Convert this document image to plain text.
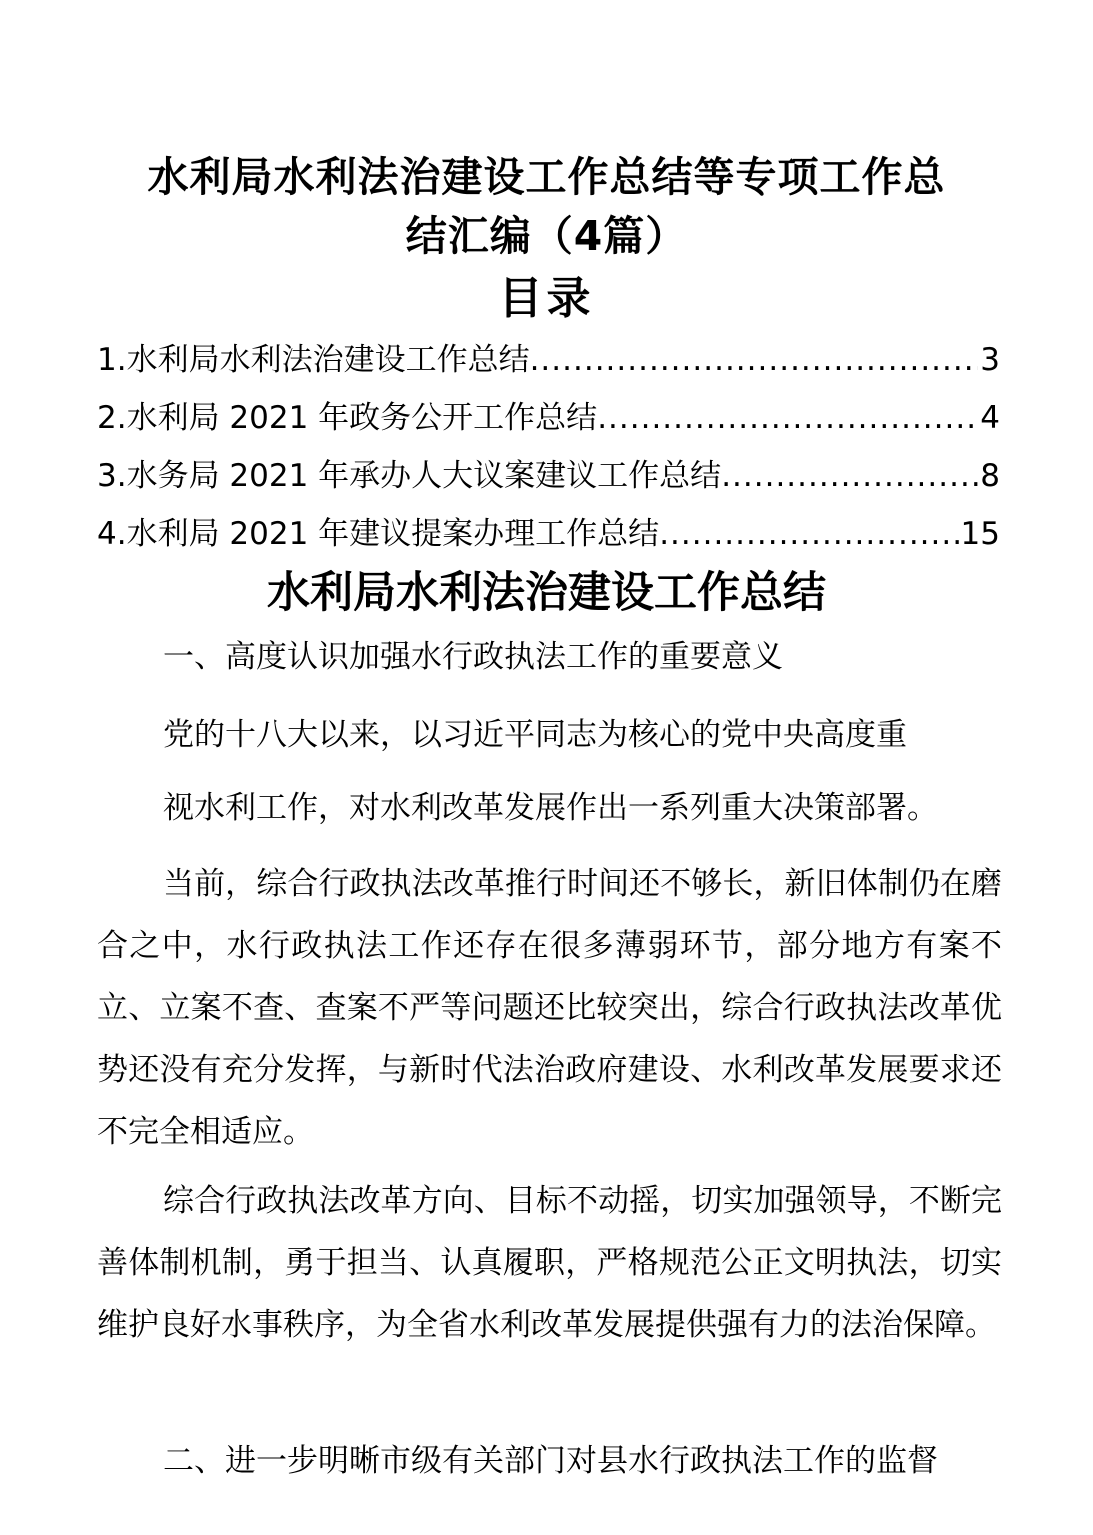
水利局水利法治建设工作总结等专项工作总
结汇编（4篇）
目录
1.水利局水利法治建设工作总结 .....	3
2.水利局 2021 年政务公开工作总结 .....	4
3.水务局 2021 年承办人大议案建议工作总结 .....	8
4.水利局 2021 年建议提案办理工作总结 .....	15
水利局水利法治建设工作总结

一、高度认识加强水行政执法工作的重要意义

党的十八大以来，以习近平同志为核心的党中央高度重

视水利工作，对水利改革发展作出一系列重大决策部署。

当前，综合行政执法改革推行时间还不够长，新旧体制仍在磨合之中，水行政执法工作还存在很多薄弱环节，部分地方有案不立、立案不查、查案不严等问题还比较突出，综合行政执法改革优势还没有充分发挥，与新时代法治政府建设、水利改革发展要求还不完全相适应。

综合行政执法改革方向、目标不动摇，切实加强领导，不断完善体制机制，勇于担当、认真履职，严格规范公正文明执法，切实维护良好水事秩序，为全省水利改革发展提供强有力的法治保障。

二、进一步明晰市级有关部门对县水行政执法工作的监督
